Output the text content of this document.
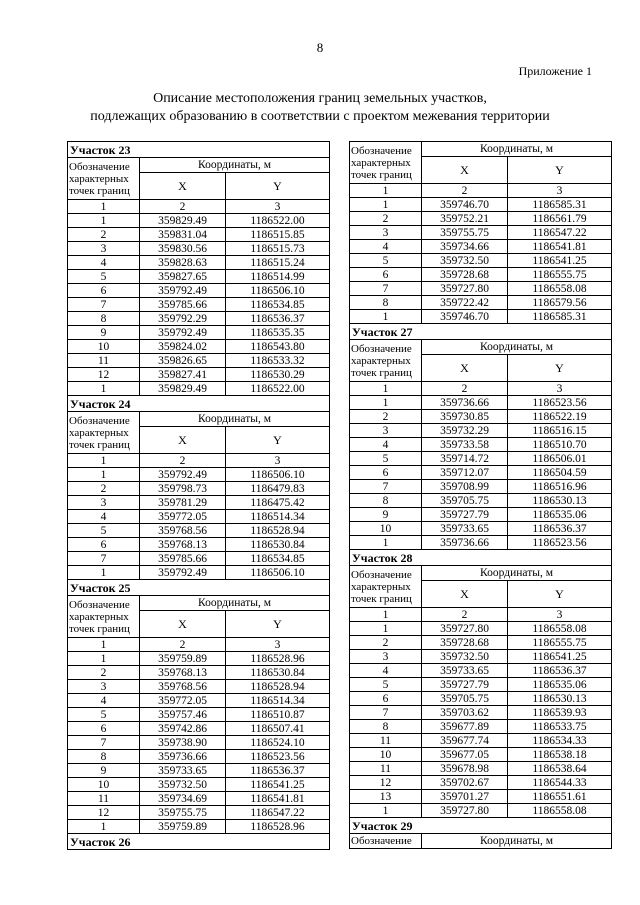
8
Приложение 1
Описание местоположения границ земельных участков,
подлежащих образованию в соответствии с проектом межевания территории
Участок 23		

Обозначение
характерных
точек границ	Координаты, м	
	X	Y
1	2	3
1	359829.49	1186522.00
2	359831.04	1186515.85
3	359830.56	1186515.73
4	359828.63	1186515.24
5	359827.65	1186514.99
6	359792.49	1186506.10
7	359785.66	1186534.85
8	359792.29	1186536.37
9	359792.49	1186535.35
10	359824.02	1186543.80
11	359826.65	1186533.32
12	359827.41	1186530.29
1	359829.49	1186522.00
Участок 24		

Обозначение
характерных
точек границ	Координаты, м	
	X	Y
1	2	3
1	359792.49	1186506.10
2	359798.73	1186479.83
3	359781.29	1186475.42
4	359772.05	1186514.34
5	359768.56	1186528.94
6	359768.13	1186530.84
7	359785.66	1186534.85
1	359792.49	1186506.10
Участок 25		

Обозначение
характерных
точек границ	Координаты, м	
	X	Y
1	2	3
1	359759.89	1186528.96
2	359768.13	1186530.84
3	359768.56	1186528.94
4	359772.05	1186514.34
5	359757.46	1186510.87
6	359742.86	1186507.41
7	359738.90	1186524.10
8	359736.66	1186523.56
9	359733.65	1186536.37
10	359732.50	1186541.25
11	359734.69	1186541.81
12	359755.75	1186547.22
1	359759.89	1186528.96
Участок 26		
Обозначение
характерных
точек границ	Координаты, м	
	X	Y
1	2	3
1	359746.70	1186585.31
2	359752.21	1186561.79
3	359755.75	1186547.22
4	359734.66	1186541.81
5	359732.50	1186541.25
6	359728.68	1186555.75
7	359727.80	1186558.08
8	359722.42	1186579.56
1	359746.70	1186585.31
Участок 27		

Обозначение
характерных
точек границ	Координаты, м	
	X	Y
1	2	3
1	359736.66	1186523.56
2	359730.85	1186522.19
3	359732.29	1186516.15
4	359733.58	1186510.70
5	359714.72	1186506.01
6	359712.07	1186504.59
7	359708.99	1186516.96
8	359705.75	1186530.13
9	359727.79	1186535.06
10	359733.65	1186536.37
1	359736.66	1186523.56
Участок 28		

Обозначение
характерных
точек границ	Координаты, м	
	X	Y
1	2	3
1	359727.80	1186558.08
2	359728.68	1186555.75
3	359732.50	1186541.25
4	359733.65	1186536.37
5	359727.79	1186535.06
6	359705.75	1186530.13
7	359703.62	1186539.93
8	359677.89	1186533.75
11	359677.74	1186534.33
10	359677.05	1186538.18
11	359678.98	1186538.64
12	359702.67	1186544.33
13	359701.27	1186551.61
1	359727.80	1186558.08
Участок 29		

Обозначение	Координаты, м	
